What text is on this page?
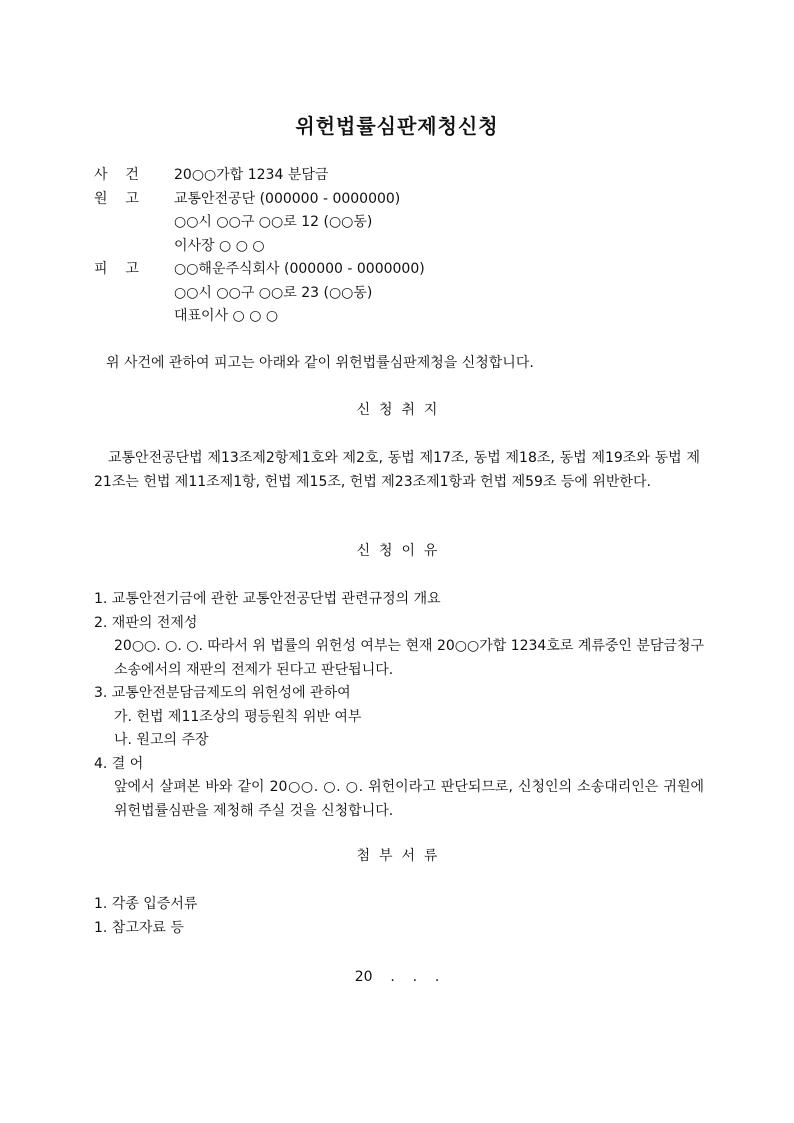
위헌법률심판제청신청
사    건	20○○가합 1234 분담금
원    고	교통안전공단 (000000 - 0000000)
○○시 ○○구 ○○로 12 (○○동)
이사장 ○ ○ ○
피    고	○○해운주식회사 (000000 - 0000000)
○○시 ○○구 ○○로 23 (○○동)
대표이사 ○ ○ ○
위 사건에 관하여 피고는 아래와 같이 위헌법률심판제청을 신청합니다.
신  청  취  지
교통안전공단법 제13조제2항제1호와 제2호, 동법 제17조, 동법 제18조, 동법 제19조와 동법 제21조는 헌법 제11조제1항, 헌법 제15조, 헌법 제23조제1항과 헌법 제59조 등에 위반한다.
신  청  이  유
1. 교통안전기금에 관한 교통안전공단법 관련규정의 개요
2. 재판의 전제성
20○○. ○. ○. 따라서 위 법률의 위헌성 여부는 현재 20○○가합 1234호로 계류중인 분담금청구소송에서의 재판의 전제가 된다고 판단됩니다.
3. 교통안전분담금제도의 위헌성에 관하여
가. 헌법 제11조상의 평등원칙 위반 여부
나. 원고의 주장
4. 결 어
앞에서 살펴본 바와 같이 20○○. ○. ○. 위헌이라고 판단되므로, 신청인의 소송대리인은 귀원에 위헌법률심판을 제청해 주실 것을 신청합니다.
첨  부  서  류
1. 각종 입증서류
1. 참고자료 등
20    .    .    .
